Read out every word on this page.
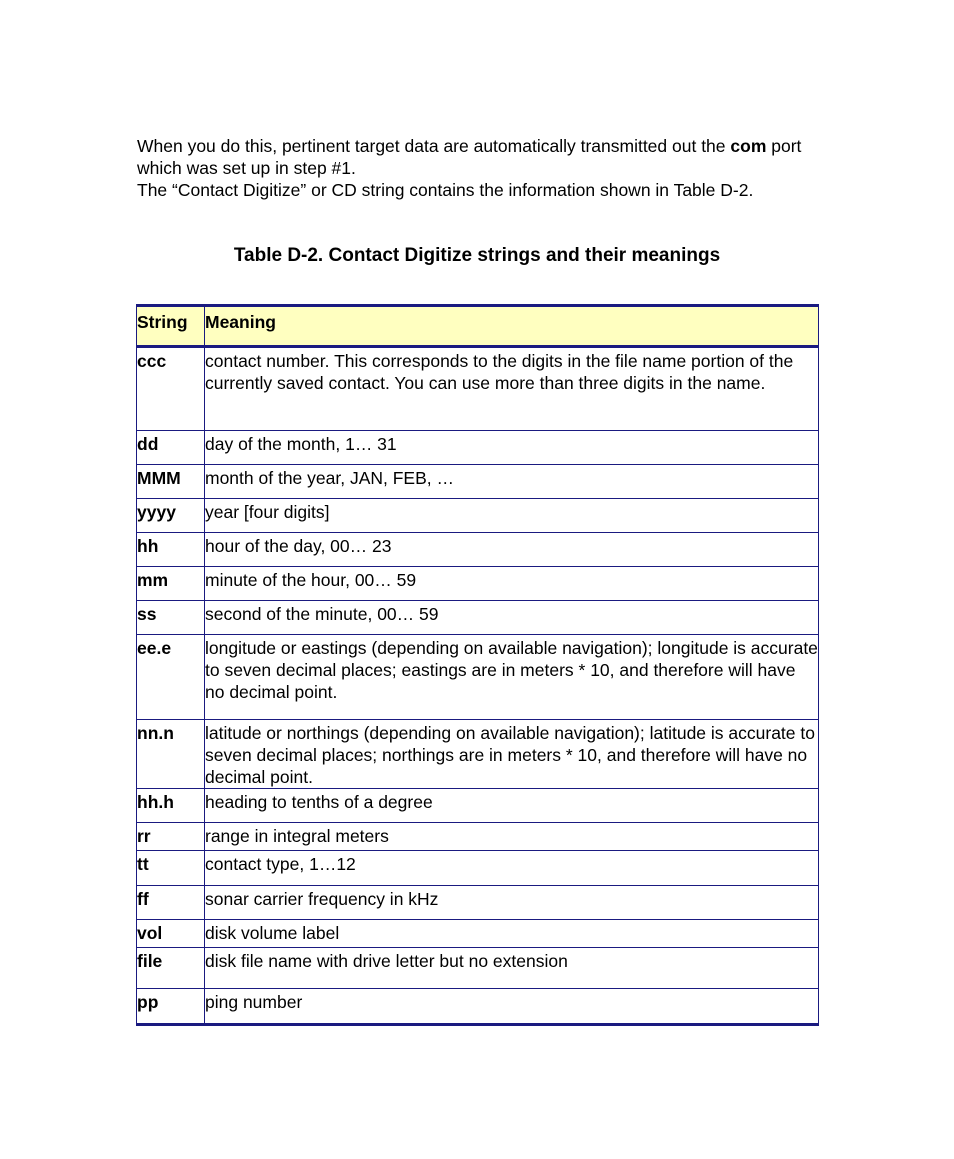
When you do this, pertinent target data are automatically transmitted out the com port which was set up in step #1.

The “Contact Digitize” or CD string contains the information shown in Table D-2.

Table D-2. Contact Digitize strings and their meanings
String	Meaning
ccc	contact number. This corresponds to the digits in the file name portion of the currently saved contact. You can use more than three digits in the name.
dd	day of the month, 1… 31
MMM	month of the year, JAN, FEB, …
yyyy	year [four digits]
hh	hour of the day, 00… 23
mm	minute of the hour, 00… 59
ss	second of the minute, 00… 59
ee.e	longitude or eastings (depending on available navigation); longitude is accurate to seven decimal places; eastings are in meters * 10, and therefore will have no decimal point.
nn.n	latitude or northings (depending on available navigation); latitude is accurate to seven decimal places; northings are in meters * 10, and therefore will have no decimal point.
hh.h	heading to tenths of a degree
rr	range in integral meters
tt	contact type, 1…12
ff	sonar carrier frequency in kHz
vol	disk volume label
file	disk file name with drive letter but no extension
pp	ping number
